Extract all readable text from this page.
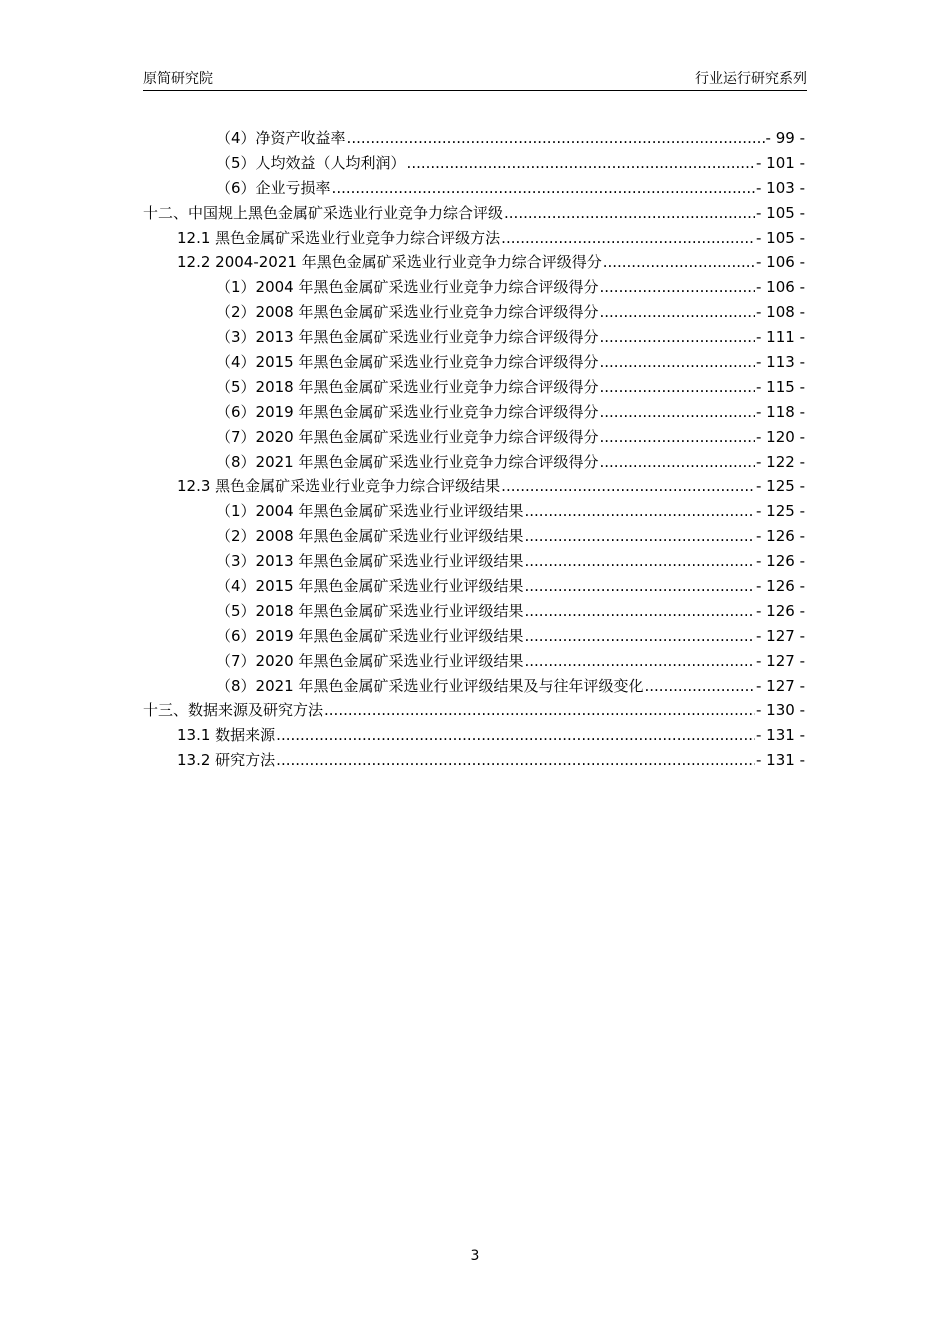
原简研究院	行业运行研究系列
（4）净资产收益率 .....	- 99 -
（5）人均效益（人均利润） .....	- 101 -
（6）企业亏损率 .....	- 103 -
十二、中国规上黑色金属矿采选业行业竞争力综合评级 .....	- 105 -
12.1 黑色金属矿采选业行业竞争力综合评级方法 .....	- 105 -
12.2 2004-2021 年黑色金属矿采选业行业竞争力综合评级得分 .....	- 106 -
（1）2004 年黑色金属矿采选业行业竞争力综合评级得分 .....	- 106 -
（2）2008 年黑色金属矿采选业行业竞争力综合评级得分 .....	- 108 -
（3）2013 年黑色金属矿采选业行业竞争力综合评级得分 .....	- 111 -
（4）2015 年黑色金属矿采选业行业竞争力综合评级得分 .....	- 113 -
（5）2018 年黑色金属矿采选业行业竞争力综合评级得分 .....	- 115 -
（6）2019 年黑色金属矿采选业行业竞争力综合评级得分 .....	- 118 -
（7）2020 年黑色金属矿采选业行业竞争力综合评级得分 .....	- 120 -
（8）2021 年黑色金属矿采选业行业竞争力综合评级得分 .....	- 122 -
12.3 黑色金属矿采选业行业竞争力综合评级结果 .....	- 125 -
（1）2004 年黑色金属矿采选业行业评级结果 .....	- 125 -
（2）2008 年黑色金属矿采选业行业评级结果 .....	- 126 -
（3）2013 年黑色金属矿采选业行业评级结果 .....	- 126 -
（4）2015 年黑色金属矿采选业行业评级结果 .....	- 126 -
（5）2018 年黑色金属矿采选业行业评级结果 .....	- 126 -
（6）2019 年黑色金属矿采选业行业评级结果 .....	- 127 -
（7）2020 年黑色金属矿采选业行业评级结果 .....	- 127 -
（8）2021 年黑色金属矿采选业行业评级结果及与往年评级变化 .....	- 127 -
十三、数据来源及研究方法 .....	- 130 -
13.1 数据来源 .....	- 131 -
13.2 研究方法 .....	- 131 -
3
